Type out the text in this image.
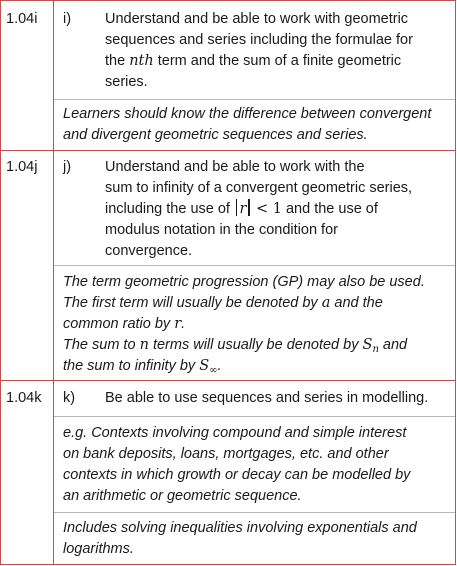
1.04i i) Understand and be able to work with geometric
sequences and series including the formulae for
the nth term and the sum of a finite geometric
series.
Learners should know the difference between convergent
and divergent geometric sequences and series.
1.04j j) Understand and be able to work with the
sum to infinity of a convergent geometric series,
including the use of r < 1 and the use of
modulus notation in the condition for
convergence.
The term geometric progression (GP) may also be used.
The first term will usually be denoted by a and the
common ratio by r.
The sum to n terms will usually be denoted by $S_n$ and
the sum to infinity by $S_\infty$.
1.04k k) Be able to use sequences and series in modelling.
e.g. Contexts involving compound and simple interest
on bank deposits, loans, mortgages, etc. and other
contexts in which growth or decay can be modelled by
an arithmetic or geometric sequence.
Includes solving inequalities involving exponentials and
logarithms.
